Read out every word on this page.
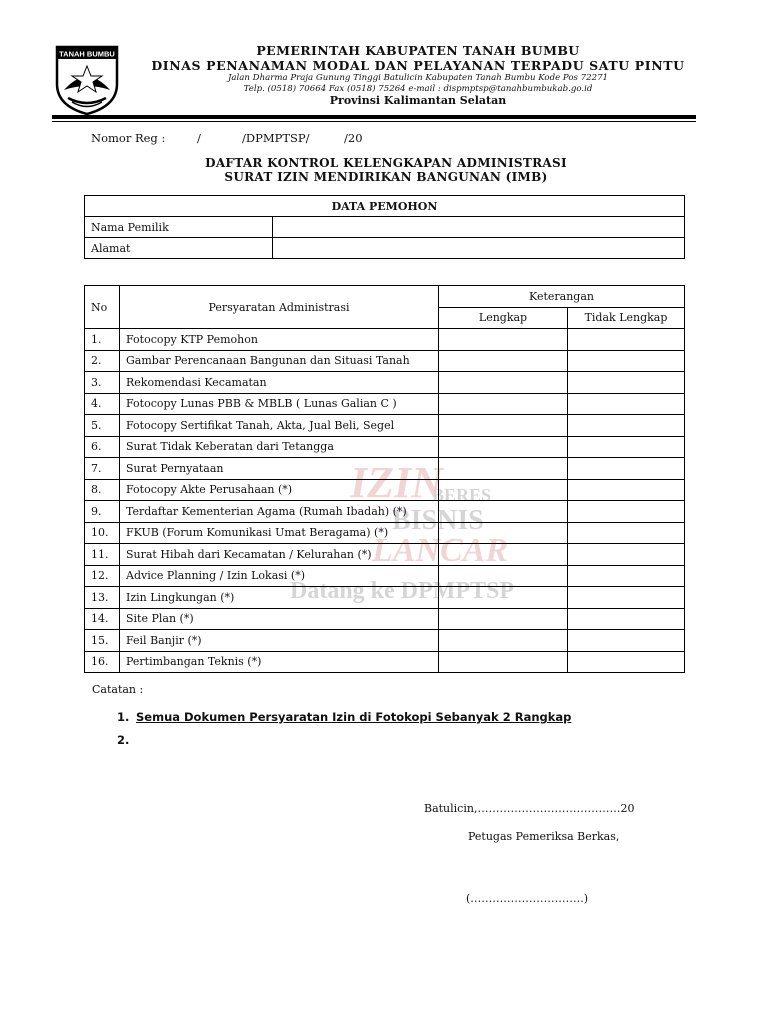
TANAH BUMBU	PEMERINTAH KABUPATEN TANAH BUMBU
DINAS PENANAMAN MODAL DAN PELAYANAN TERPADU SATU PINTU
Jalan Dharma Praja Gunung Tinggi Batulicin Kabupaten Tanah Bumbu Kode Pos 72271
Telp. (0518) 70664 Fax (0518) 75264 e-mail : dispmptsp@tanahbumbukab.go.id
Provinsi Kalimantan Selatan
Nomor Reg :	/	/DPMPTSP/	/20
DAFTAR KONTROL KELENGKAPAN ADMINISTRASI
SURAT IZIN MENDIRIKAN BANGUNAN (IMB)
DATA PEMOHON	
Nama Pemilik	
Alamat	
No	Persyaratan Administrasi	Keterangan	
		Lengkap	Tidak Lengkap
1.	Fotocopy KTP Pemohon		
2.	Gambar Perencanaan Bangunan dan Situasi Tanah		
3.	Rekomendasi Kecamatan		
4.	Fotocopy Lunas PBB & MBLB ( Lunas Galian C )		
5.	Fotocopy Sertifikat Tanah, Akta, Jual Beli, Segel		
6.	Surat Tidak Keberatan dari Tetangga		
7.	Surat Pernyataan		
8.	Fotocopy Akte Perusahaan (*)		
9.	Terdaftar Kementerian Agama (Rumah Ibadah) (*)		
10.	FKUB (Forum Komunikasi Umat Beragama) (*)		
11.	Surat Hibah dari Kecamatan / Kelurahan (*)		
12.	Advice Planning / Izin Lokasi (*)		
13.	Izin Lingkungan (*)		
14.	Site Plan (*)		
15.	Feil Banjir (*)		
16.	Pertimbangan Teknis (*)		
IZIN
BERES
BISNIS
LANCAR
Datang ke DPMPTSP
Catatan :
1. Semua Dokumen Persyaratan Izin di Fotokopi Sebanyak 2 Rangkap
2.
Batulicin,…………………………………20
Petugas Pemeriksa Berkas,
(………………………….)
